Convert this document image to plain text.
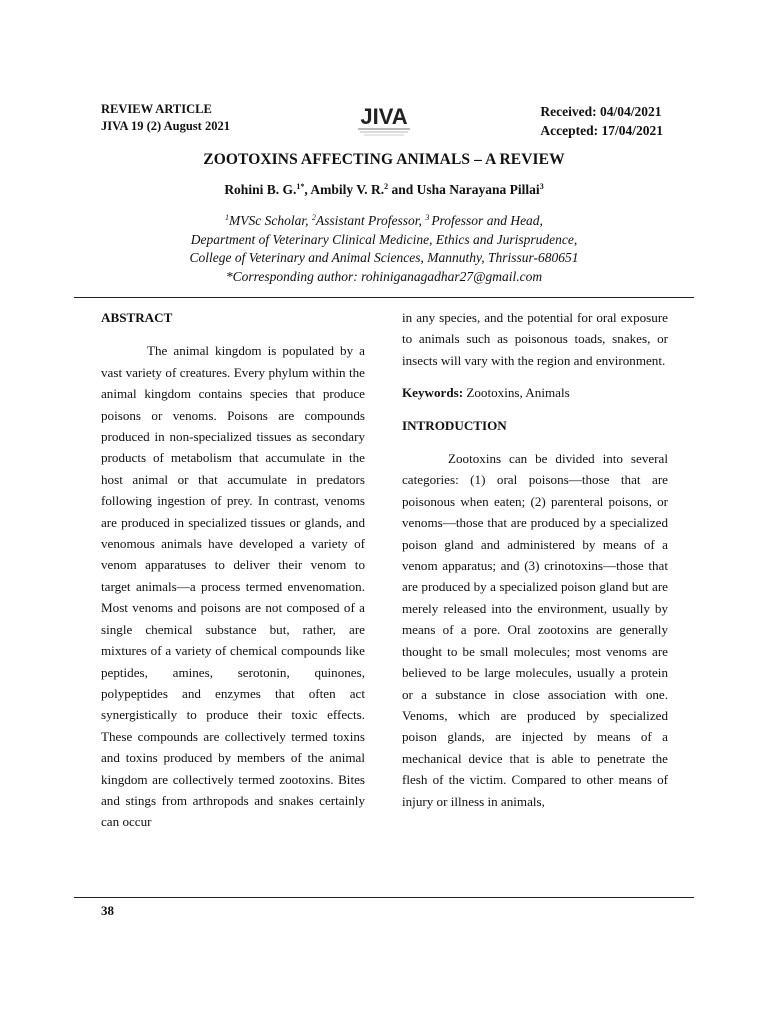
REVIEW ARTICLE
JIVA 19 (2) August 2021	JIVA	Received: 04/04/2021
Accepted: 17/04/2021
ZOOTOXINS AFFECTING ANIMALS – A REVIEW
Rohini B. G.$^{1*}$, Ambily V. R.$^2$ and Usha Narayana Pillai$^3$
$^1$MVSc Scholar, $^2$Assistant Professor, $^3$ Professor and Head,
Department of Veterinary Clinical Medicine, Ethics and Jurisprudence,
College of Veterinary and Animal Sciences, Mannuthy, Thrissur-680651
*Corresponding author: rohiniganagadhar27@gmail.com

ABSTRACT

The animal kingdom is populated by a vast variety of creatures. Every phylum within the animal kingdom contains species that produce poisons or venoms. Poisons are compounds produced in non-specialized tissues as secondary products of metabolism that accumulate in the host animal or that accumulate in predators following ingestion of prey. In contrast, venoms are produced in specialized tissues or glands, and venomous animals have developed a variety of venom apparatuses to deliver their venom to target animals—a process termed envenomation. Most venoms and poisons are not composed of a single chemical substance but, rather, are mixtures of a variety of chemical compounds like peptides, amines, serotonin, quinones, polypeptides and enzymes that often act synergistically to produce their toxic effects. These compounds are collectively termed toxins and toxins produced by members of the animal kingdom are collectively termed zootoxins. Bites and stings from arthropods and snakes certainly can occur

in any species, and the potential for oral exposure to animals such as poisonous toads, snakes, or insects will vary with the region and environment.

Keywords: Zootoxins, Animals

INTRODUCTION

Zootoxins can be divided into several categories: (1) oral poisons—those that are poisonous when eaten; (2) parenteral poisons, or venoms—those that are produced by a specialized poison gland and administered by means of a venom apparatus; and (3) crinotoxins—those that are produced by a specialized poison gland but are merely released into the environment, usually by means of a pore. Oral zootoxins are generally thought to be small molecules; most venoms are believed to be large molecules, usually a protein or a substance in close association with one. Venoms, which are produced by specialized poison glands, are injected by means of a mechanical device that is able to penetrate the flesh of the victim. Compared to other means of injury or illness in animals,

38
